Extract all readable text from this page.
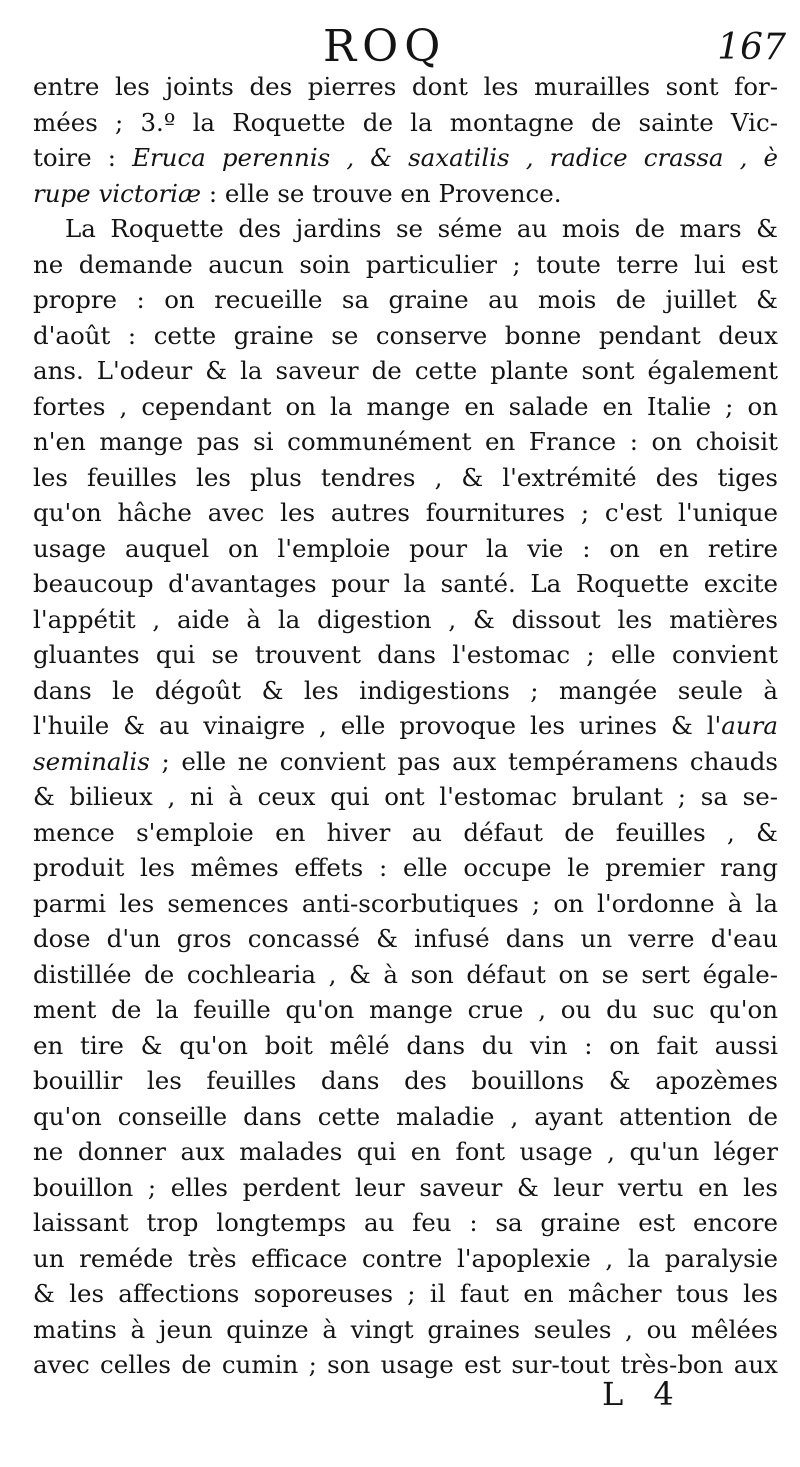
ROQ	167
entre les joints des pierres dont les murailles sont for-
mées ; 3.º la Roquette de la montagne de sainte Vic-
toire : Eruca perennis , & saxatilis , radice crassa , è
rupe victoriæ : elle se trouve en Provence.
La Roquette des jardins se séme au mois de mars &
ne demande aucun soin particulier ; toute terre lui est
propre : on recueille sa graine au mois de juillet &
d'août : cette graine se conserve bonne pendant deux
ans. L'odeur & la saveur de cette plante sont également
fortes , cependant on la mange en salade en Italie ; on
n'en mange pas si communément en France : on choisit
les feuilles les plus tendres , & l'extrémité des tiges
qu'on hâche avec les autres fournitures ; c'est l'unique
usage auquel on l'emploie pour la vie : on en retire
beaucoup d'avantages pour la santé. La Roquette excite
l'appétit , aide à la digestion , & dissout les matières
gluantes qui se trouvent dans l'estomac ; elle convient
dans le dégoût & les indigestions ; mangée seule à
l'huile & au vinaigre , elle provoque les urines & l'aura
seminalis ; elle ne convient pas aux tempéramens chauds
& bilieux , ni à ceux qui ont l'estomac brulant ; sa se-
mence s'emploie en hiver au défaut de feuilles , &
produit les mêmes effets : elle occupe le premier rang
parmi les semences anti-scorbutiques ; on l'ordonne à la
dose d'un gros concassé & infusé dans un verre d'eau
distillée de cochlearia , & à son défaut on se sert égale-
ment de la feuille qu'on mange crue , ou du suc qu'on
en tire & qu'on boit mêlé dans du vin : on fait aussi
bouillir les feuilles dans des bouillons & apozèmes
qu'on conseille dans cette maladie , ayant attention de
ne donner aux malades qui en font usage , qu'un léger
bouillon ; elles perdent leur saveur & leur vertu en les
laissant trop longtemps au feu : sa graine est encore
un reméde très efficace contre l'apoplexie , la paralysie
& les affections soporeuses ; il faut en mâcher tous les
matins à jeun quinze à vingt graines seules , ou mêlées
avec celles de cumin ; son usage est sur-tout très-bon aux
L 4
